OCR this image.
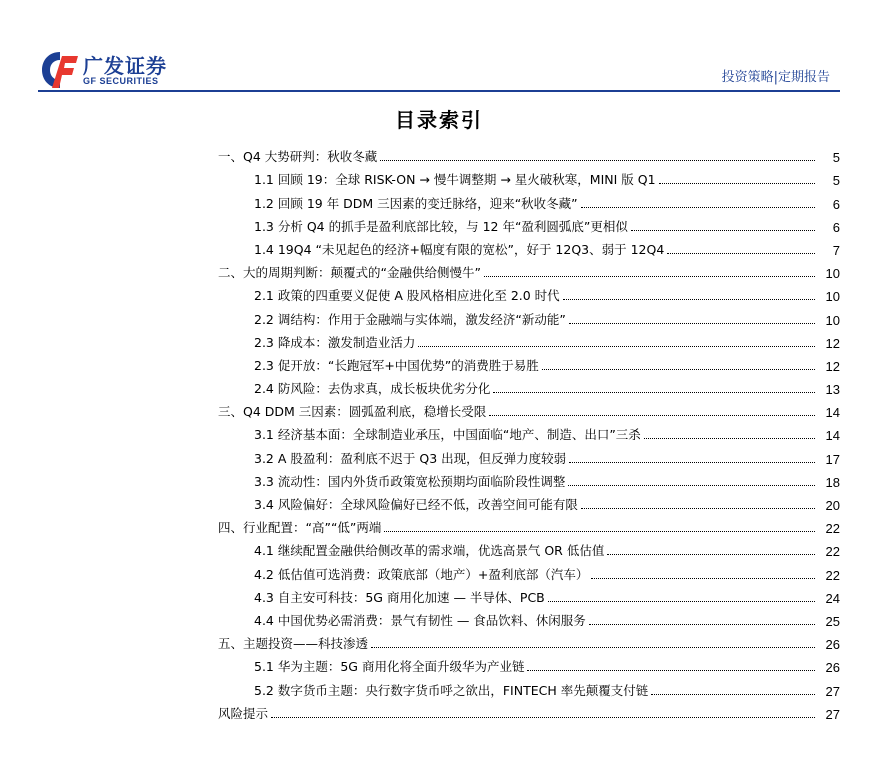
广发证券
GF SECURITIES	投资策略|定期报告
目录索引
一、Q4 大势研判：秋收冬藏	5
1.1 回顾 19：全球 RISK-ON → 慢牛调整期 → 星火破秋寒，MINI 版 Q1	5
1.2 回顾 19 年 DDM 三因素的变迁脉络，迎来“秋收冬藏”	6
1.3 分析 Q4 的抓手是盈利底部比较，与 12 年“盈利圆弧底”更相似	6
1.4 19Q4 “未见起色的经济+幅度有限的宽松”，好于 12Q3、弱于 12Q4	7
二、大的周期判断：颠覆式的“金融供给侧慢牛”	10
2.1 政策的四重要义促使 A 股风格相应进化至 2.0 时代	10
2.2 调结构：作用于金融端与实体端，激发经济“新动能”	10
2.3 降成本：激发制造业活力	12
2.3 促开放：“长跑冠军+中国优势”的消费胜于易胜	12
2.4 防风险：去伪求真，成长板块优劣分化	13
三、Q4 DDM 三因素：圆弧盈利底，稳增长受限	14
3.1 经济基本面：全球制造业承压，中国面临“地产、制造、出口”三杀	14
3.2 A 股盈利：盈利底不迟于 Q3 出现，但反弹力度较弱	17
3.3 流动性：国内外货币政策宽松预期均面临阶段性调整	18
3.4 风险偏好：全球风险偏好已经不低，改善空间可能有限	20
四、行业配置：“高”“低”两端	22
4.1 继续配置金融供给侧改革的需求端，优选高景气 OR 低估值	22
4.2 低估值可选消费：政策底部（地产）+盈利底部（汽车）	22
4.3 自主安可科技：5G 商用化加速 — 半导体、PCB	24
4.4 中国优势必需消费：景气有韧性 — 食品饮料、休闲服务	25
五、主题投资——科技渗透	26
5.1 华为主题：5G 商用化将全面升级华为产业链	26
5.2 数字货币主题：央行数字货币呼之欲出，FINTECH 率先颠覆支付链	27
风险提示	27
